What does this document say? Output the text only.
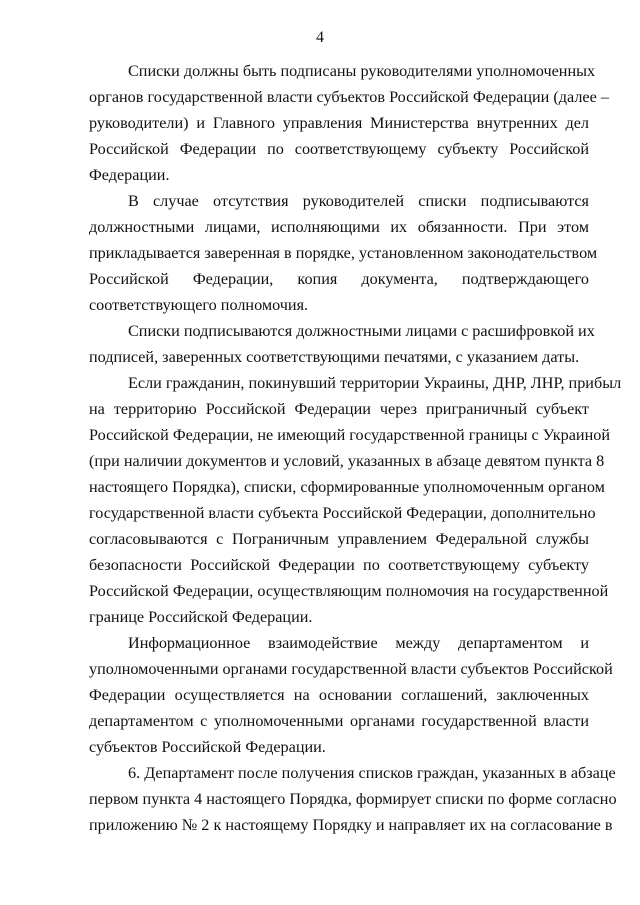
4
Списки должны быть подписаны руководителями уполномоченных
органов государственной власти субъектов Российской Федерации (далее –
руководители) и Главного управления Министерства внутренних дел
Российской Федерации по соответствующему субъекту Российской
Федерации.
В случае отсутствия руководителей списки подписываются
должностными лицами, исполняющими их обязанности. При этом
прикладывается заверенная в порядке, установленном законодательством
Российской Федерации, копия документа, подтверждающего
соответствующего полномочия.
Списки подписываются должностными лицами с расшифровкой их
подписей, заверенных соответствующими печатями, с указанием даты.
Если гражданин, покинувший территории Украины, ДНР, ЛНР, прибыл
на территорию Российской Федерации через приграничный субъект
Российской Федерации, не имеющий государственной границы с Украиной
(при наличии документов и условий, указанных в абзаце девятом пункта 8
настоящего Порядка), списки, сформированные уполномоченным органом
государственной власти субъекта Российской Федерации, дополнительно
согласовываются с Пограничным управлением Федеральной службы
безопасности Российской Федерации по соответствующему субъекту
Российской Федерации, осуществляющим полномочия на государственной
границе Российской Федерации.
Информационное взаимодействие между департаментом и
уполномоченными органами государственной власти субъектов Российской
Федерации осуществляется на основании соглашений, заключенных
департаментом с уполномоченными органами государственной власти
субъектов Российской Федерации.
6. Департамент после получения списков граждан, указанных в абзаце
первом пункта 4 настоящего Порядка, формирует списки по форме согласно
приложению № 2 к настоящему Порядку и направляет их на согласование в
